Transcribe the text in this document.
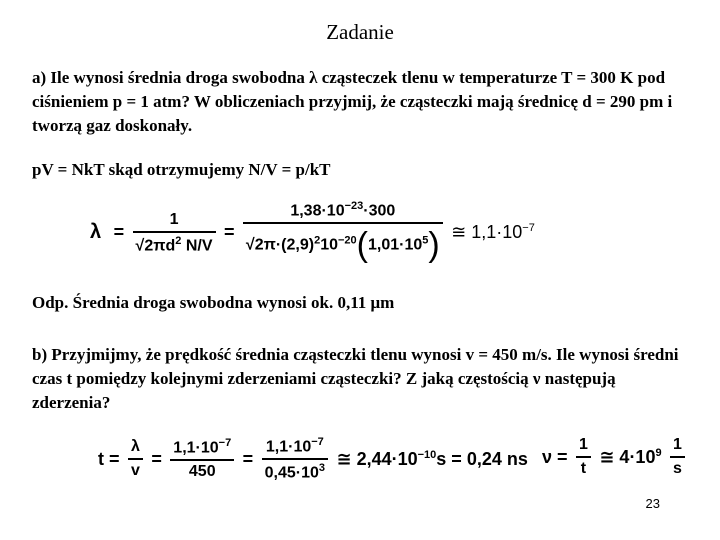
Zadanie
a) Ile wynosi średnia droga swobodna λ cząsteczek tlenu w temperaturze T = 300 K pod ciśnieniem p = 1 atm? W obliczeniach przyjmij, że cząsteczki mają średnicę d = 290 pm i tworzą gaz doskonały.
pV = NkT skąd otrzymujemy N/V = p/kT
$\lambda = \frac{1}{√2\pi d^2 N/V} = \frac{1,38\cdot 10^{-23}\cdot 300}{√2\pi\cdot(2,9)^210^{-20}(1,01\cdot 10^5)}$ ≅ $1,1\cdot 10^{-7}$
Odp. Średnia droga swobodna wynosi ok. 0,11 μm
b) Przyjmijmy, że prędkość średnia cząsteczki tlenu wynosi v = 450 m/s. Ile wynosi średni czas t pomiędzy kolejnymi zderzeniami cząsteczki? Z jaką częstością ν następują zderzenia?
$t = \frac{\lambda}{v} = \frac{1,1\cdot 10^{-7}}{450} = \frac{1,1\cdot 10^{-7}}{0,45\cdot 10^3}$ ≅ $2,44\cdot 10^{-10}s = 0,24$ ns $\nu = \frac{1}{t}$ ≅ $4\cdot 10^9 \frac{1}{s}$
23
